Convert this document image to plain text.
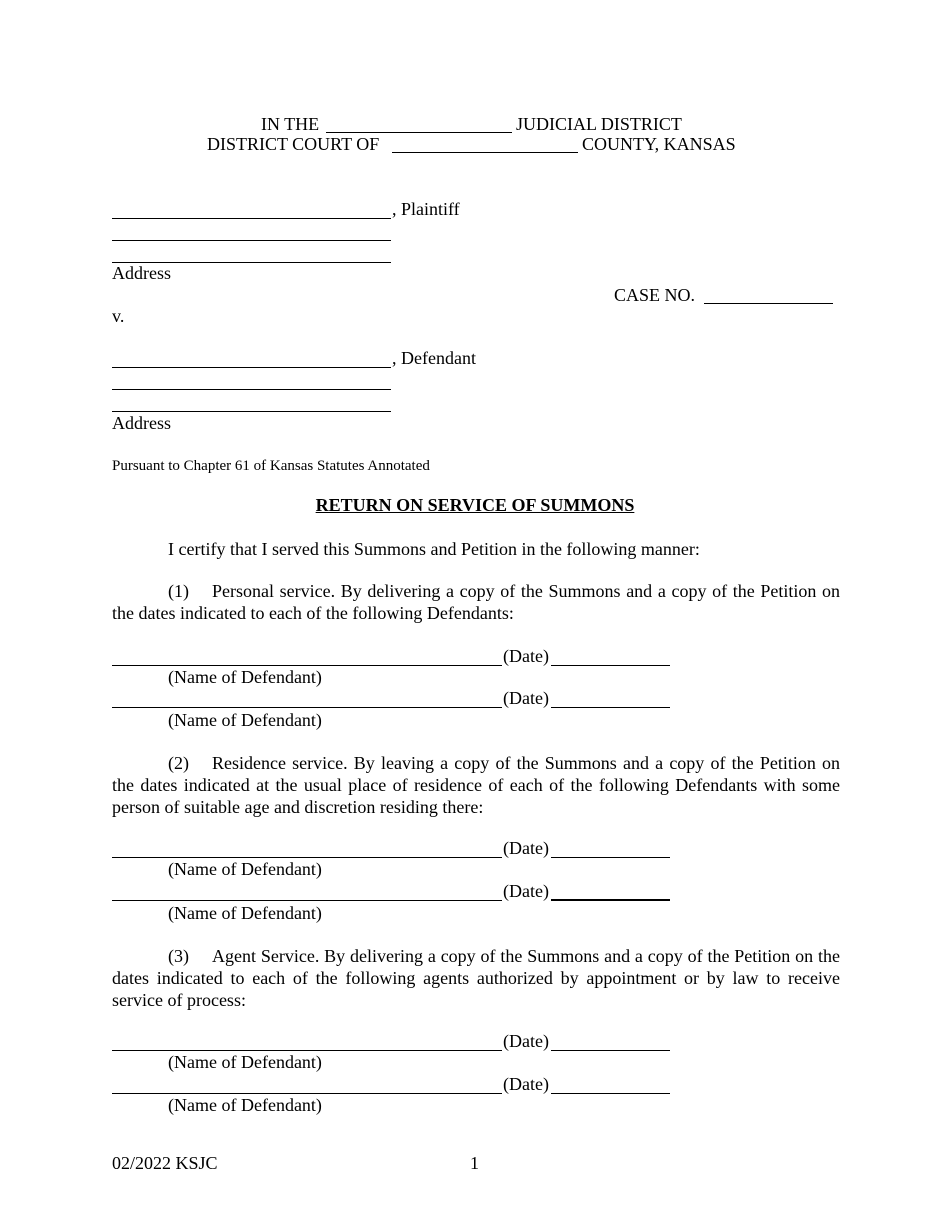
IN THE	JUDICIAL DISTRICT
DISTRICT COURT OF	COUNTY, KANSAS
, Plaintiff
Address
CASE NO.
v.
, Defendant
Address
Pursuant to Chapter 61 of Kansas Statutes Annotated
RETURN ON SERVICE OF SUMMONS
I certify that I served this Summons and Petition in the following manner:
(1) Personal service. By delivering a copy of the Summons and a copy of the Petition on the dates indicated to each of the following Defendants:
(Date)
(Name of Defendant)
(Date)
(Name of Defendant)
(2) Residence service. By leaving a copy of the Summons and a copy of the Petition on the dates indicated at the usual place of residence of each of the following Defendants with some person of suitable age and discretion residing there:
(Date)
(Name of Defendant)
(Date)
(Name of Defendant)
(3) Agent Service. By delivering a copy of the Summons and a copy of the Petition on the dates indicated to each of the following agents authorized by appointment or by law to receive service of process:
(Date)
(Name of Defendant)
(Date)
(Name of Defendant)
02/2022 KSJC	1
